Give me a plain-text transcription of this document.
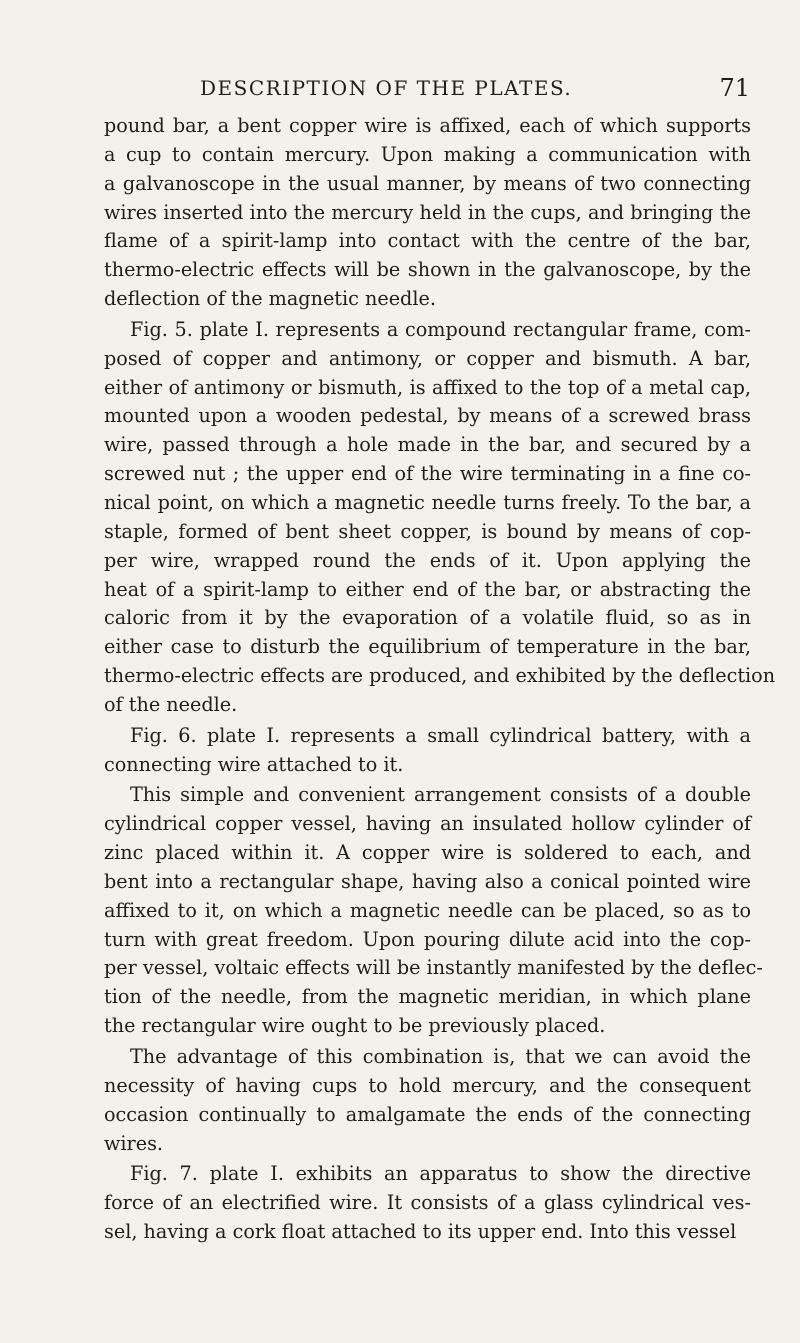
DESCRIPTION OF THE PLATES.	71
pound bar, a bent copper wire is affixed, each of which supports
a cup to contain mercury. Upon making a communication with
a galvanoscope in the usual manner, by means of two connecting
wires inserted into the mercury held in the cups, and bringing the
flame of a spirit-lamp into contact with the centre of the bar,
thermo-electric effects will be shown in the galvanoscope, by the
deflection of the magnetic needle.
Fig. 5. plate I. represents a compound rectangular frame, com-
posed of copper and antimony, or copper and bismuth. A bar,
either of antimony or bismuth, is affixed to the top of a metal cap,
mounted upon a wooden pedestal, by means of a screwed brass
wire, passed through a hole made in the bar, and secured by a
screwed nut ; the upper end of the wire terminating in a fine co-
nical point, on which a magnetic needle turns freely. To the bar, a
staple, formed of bent sheet copper, is bound by means of cop-
per wire, wrapped round the ends of it. Upon applying the
heat of a spirit-lamp to either end of the bar, or abstracting the
caloric from it by the evaporation of a volatile fluid, so as in
either case to disturb the equilibrium of temperature in the bar,
thermo-electric effects are produced, and exhibited by the deflection
of the needle.
Fig. 6. plate I. represents a small cylindrical battery, with a
connecting wire attached to it.
This simple and convenient arrangement consists of a double
cylindrical copper vessel, having an insulated hollow cylinder of
zinc placed within it. A copper wire is soldered to each, and
bent into a rectangular shape, having also a conical pointed wire
affixed to it, on which a magnetic needle can be placed, so as to
turn with great freedom. Upon pouring dilute acid into the cop-
per vessel, voltaic effects will be instantly manifested by the deflec-
tion of the needle, from the magnetic meridian, in which plane
the rectangular wire ought to be previously placed.
The advantage of this combination is, that we can avoid the
necessity of having cups to hold mercury, and the consequent
occasion continually to amalgamate the ends of the connecting
wires.
Fig. 7. plate I. exhibits an apparatus to show the directive
force of an electrified wire. It consists of a glass cylindrical ves-
sel, having a cork float attached to its upper end. Into this vessel
